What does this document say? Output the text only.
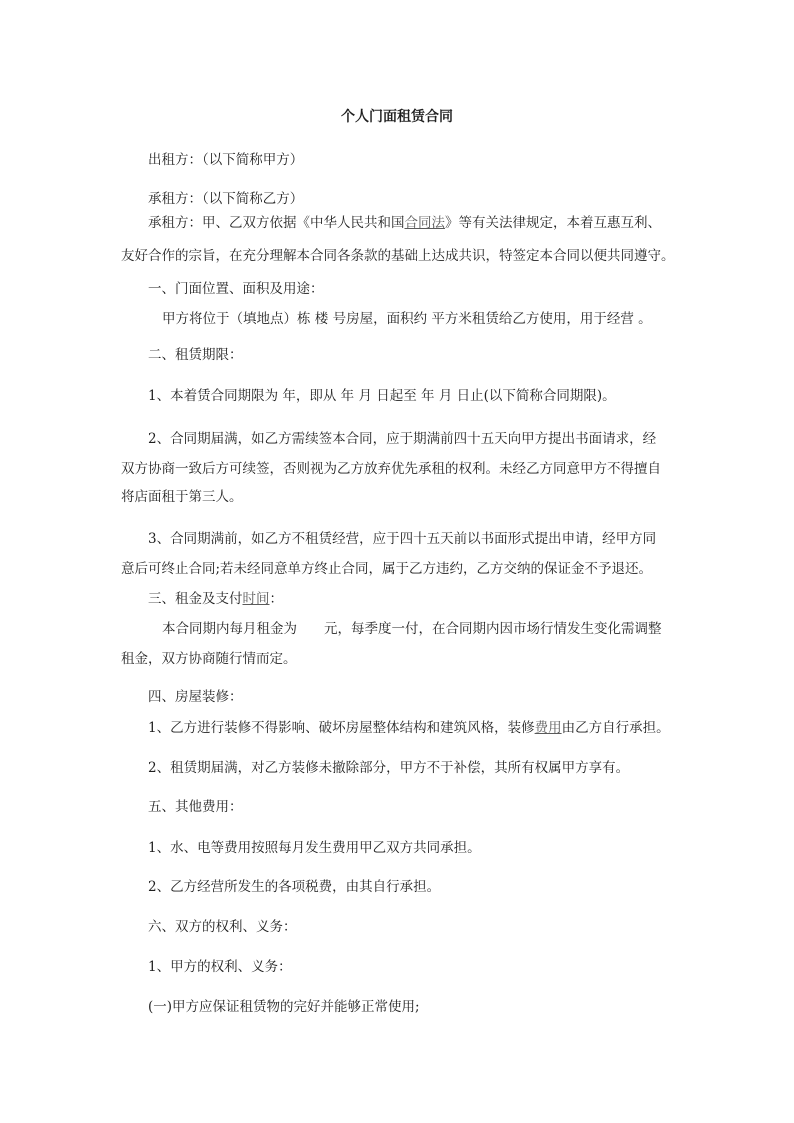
个人门面租赁合同
出租方：（以下简称甲方）
承租方：（以下简称乙方）
承租方：甲、乙双方依据《中华人民共和国合同法》等有关法律规定，本着互惠互利、
友好合作的宗旨，在充分理解本合同各条款的基础上达成共识，特签定本合同以便共同遵守。
一、门面位置、面积及用途：
甲方将位于（填地点）栋 楼 号房屋，面积约 平方米租赁给乙方使用，用于经营 。
二、租赁期限：
1、本着赁合同期限为 年，即从 年 月 日起至 年 月 日止(以下简称合同期限)。
2、合同期届满，如乙方需续签本合同，应于期满前四十五天向甲方提出书面请求，经
双方协商一致后方可续签，否则视为乙方放弃优先承租的权利。未经乙方同意甲方不得擅自
将店面租于第三人。
3、合同期满前，如乙方不租赁经营，应于四十五天前以书面形式提出申请，经甲方同
意后可终止合同;若未经同意单方终止合同，属于乙方违约，乙方交纳的保证金不予退还。
三、租金及支付时间：
本合同期内每月租金为　　元，每季度一付，在合同期内因市场行情发生变化需调整
租金，双方协商随行情而定。
四、房屋装修：
1、乙方进行装修不得影响、破坏房屋整体结构和建筑风格，装修费用由乙方自行承担。
2、租赁期届满，对乙方装修未撤除部分，甲方不于补偿，其所有权属甲方享有。
五、其他费用：
1、水、电等费用按照每月发生费用甲乙双方共同承担。
2、乙方经营所发生的各项税费，由其自行承担。
六、双方的权利、义务：
1、甲方的权利、义务：
(一)甲方应保证租赁物的完好并能够正常使用;
